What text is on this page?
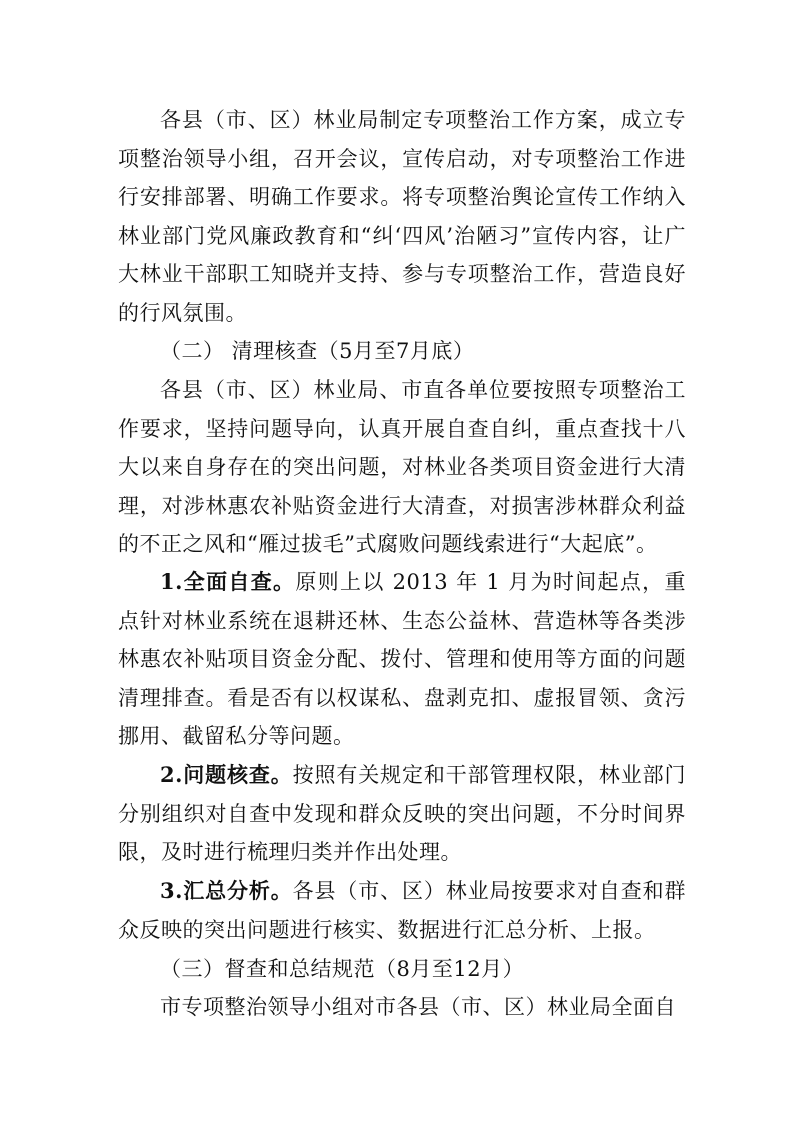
各县（市、区）林业局制定专项整治工作方案，成立专项整治领导小组，召开会议，宣传启动，对专项整治工作进行安排部署、明确工作要求。将专项整治舆论宣传工作纳入林业部门党风廉政教育和“纠‘四风’治陋习”宣传内容，让广大林业干部职工知晓并支持、参与专项整治工作，营造良好的行风氛围。

（二） 清理核查（5月至7月底）

各县（市、区）林业局、市直各单位要按照专项整治工作要求，坚持问题导向，认真开展自查自纠，重点查找十八大以来自身存在的突出问题，对林业各类项目资金进行大清理，对涉林惠农补贴资金进行大清查，对损害涉林群众利益的不正之风和“雁过拔毛”式腐败问题线索进行“大起底”。

1.全面自查。原则上以 2013 年 1 月为时间起点，重点针对林业系统在退耕还林、生态公益林、营造林等各类涉林惠农补贴项目资金分配、拨付、管理和使用等方面的问题清理排查。看是否有以权谋私、盘剥克扣、虚报冒领、贪污挪用、截留私分等问题。

2.问题核查。按照有关规定和干部管理权限，林业部门分别组织对自查中发现和群众反映的突出问题，不分时间界限，及时进行梳理归类并作出处理。

3.汇总分析。各县（市、区）林业局按要求对自查和群众反映的突出问题进行核实、数据进行汇总分析、上报。

（三）督查和总结规范（8月至12月）

市专项整治领导小组对市各县（市、区）林业局全面自
